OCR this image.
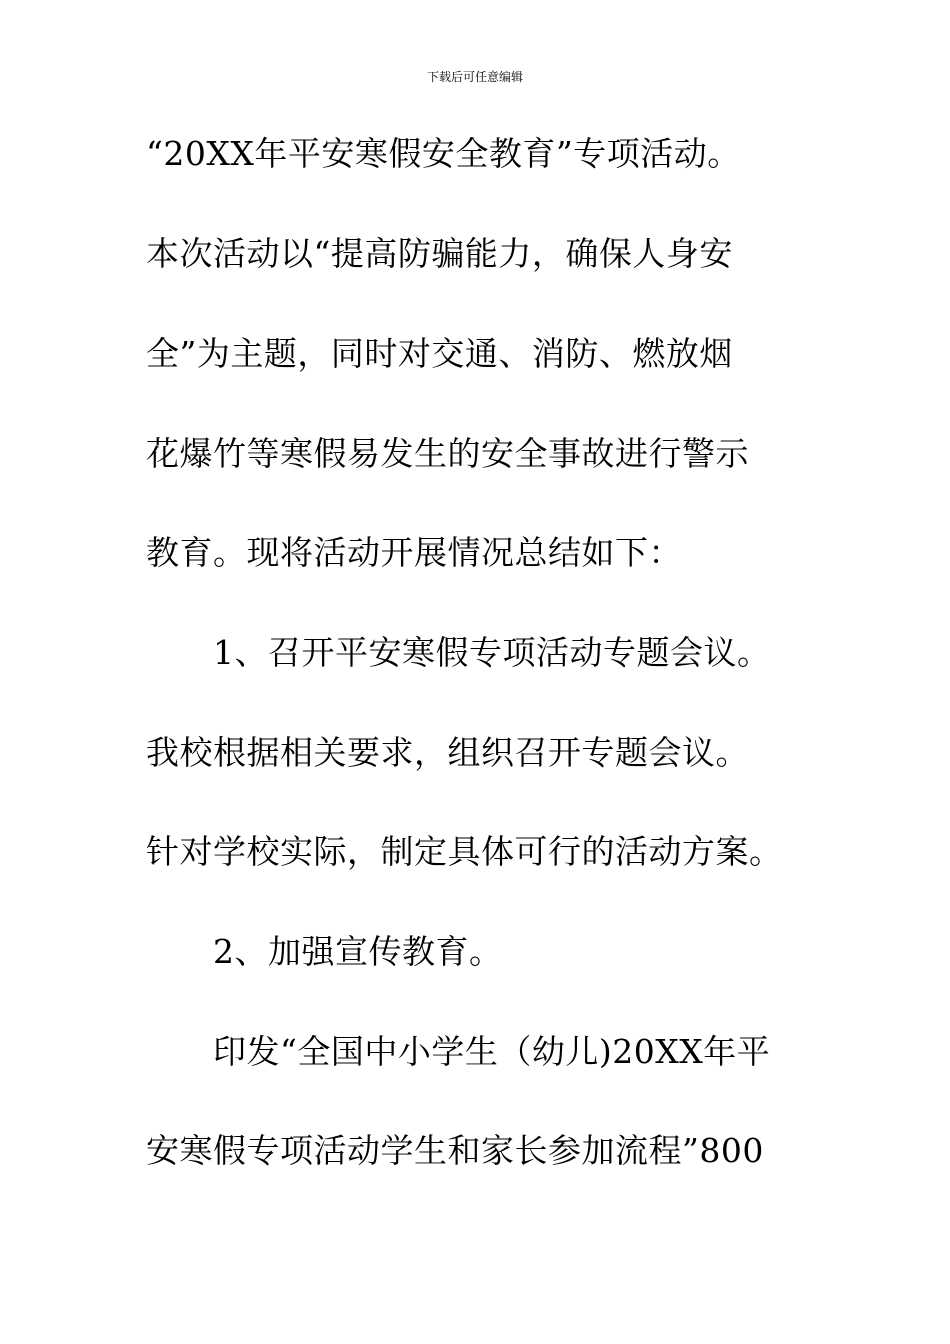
下载后可任意编辑
“20XX年平安寒假安全教育”专项活动。
本次活动以“提高防骗能力，确保人身安
全”为主题，同时对交通、消防、燃放烟
花爆竹等寒假易发生的安全事故进行警示
教育。现将活动开展情况总结如下：
1、召开平安寒假专项活动专题会议。
我校根据相关要求，组织召开专题会议。
针对学校实际，制定具体可行的活动方案。
2、加强宣传教育。
印发“全国中小学生（幼儿)20XX年平
安寒假专项活动学生和家长参加流程”800
